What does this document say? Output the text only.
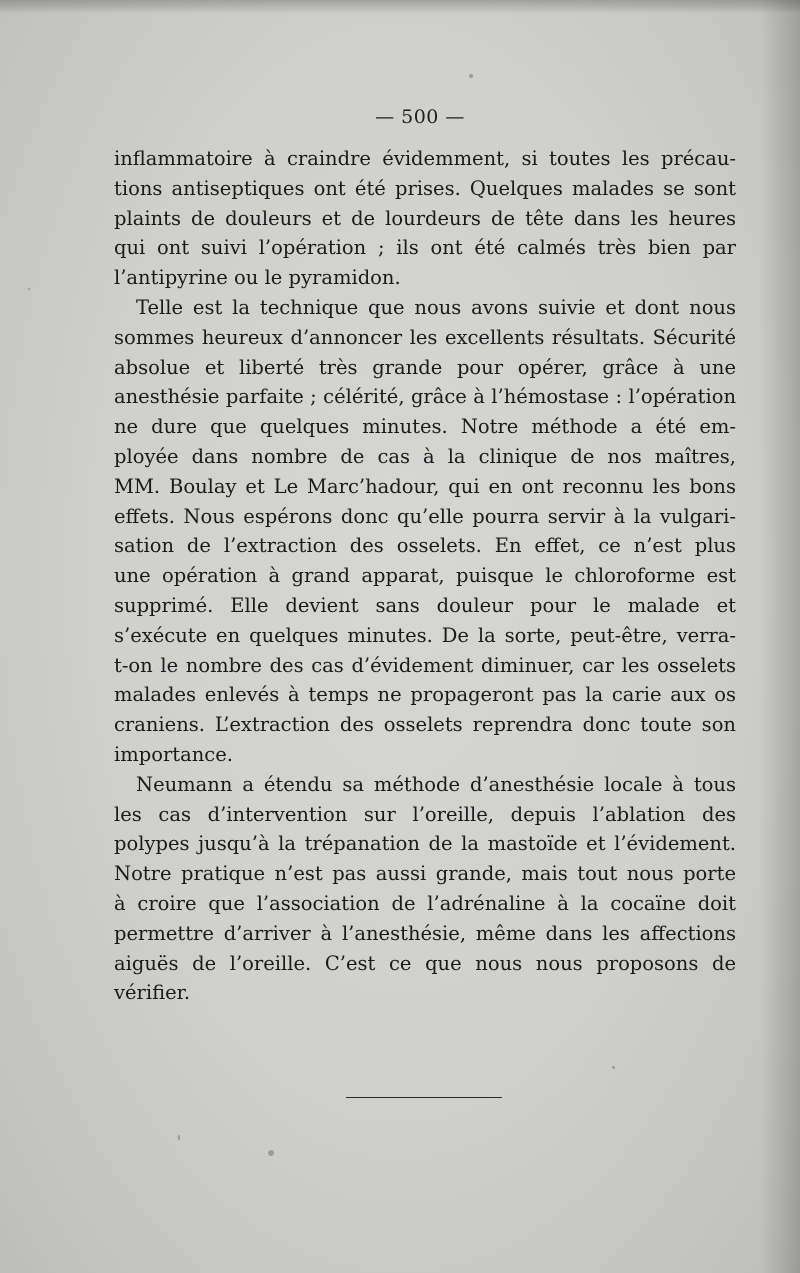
— 500 —
inflammatoire à craindre évidemment, si toutes les précau-
tions antiseptiques ont été prises. Quelques malades se sont
plaints de douleurs et de lourdeurs de tête dans les heures
qui ont suivi l’opération ; ils ont été calmés très bien par
l’antipyrine ou le pyramidon.
Telle est la technique que nous avons suivie et dont nous
sommes heureux d’annoncer les excellents résultats. Sécurité
absolue et liberté très grande pour opérer, grâce à une
anesthésie parfaite ; célérité, grâce à l’hémostase : l’opération
ne dure que quelques minutes. Notre méthode a été em-
ployée dans nombre de cas à la clinique de nos maîtres,
MM. Boulay et Le Marc’hadour, qui en ont reconnu les bons
effets. Nous espérons donc qu’elle pourra servir à la vulgari-
sation de l’extraction des osselets. En effet, ce n’est plus
une opération à grand apparat, puisque le chloroforme est
supprimé. Elle devient sans douleur pour le malade et
s’exécute en quelques minutes. De la sorte, peut-être, verra-
t-on le nombre des cas d’évidement diminuer, car les osselets
malades enlevés à temps ne propageront pas la carie aux os
craniens. L’extraction des osselets reprendra donc toute son
importance.
Neumann a étendu sa méthode d’anesthésie locale à tous
les cas d’intervention sur l’oreille, depuis l’ablation des
polypes jusqu’à la trépanation de la mastoïde et l’évidement.
Notre pratique n’est pas aussi grande, mais tout nous porte
à croire que l’association de l’adrénaline à la cocaïne doit
permettre d’arriver à l’anesthésie, même dans les affections
aiguës de l’oreille. C’est ce que nous nous proposons de
vérifier.
